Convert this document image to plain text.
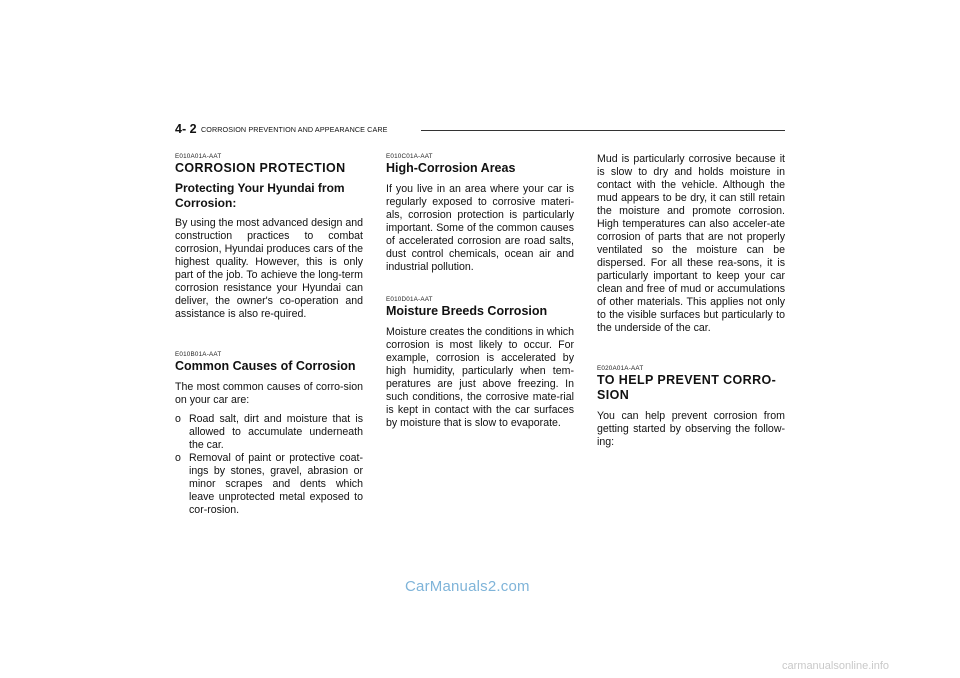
4- 2 CORROSION PREVENTION AND APPEARANCE CARE
E010A01A-AAT
CORROSION PROTECTION
Protecting Your Hyundai from Corrosion:

By using the most advanced design and construction practices to combat corrosion, Hyundai produces cars of the highest quality. However, this is only part of the job. To achieve the long-term corrosion resistance your Hyundai can deliver, the owner's co-operation and assistance is also re-quired.

E010B01A-AAT
Common Causes of Corrosion

The most common causes of corro-sion on your car are:

o Road salt, dirt and moisture that is allowed to accumulate underneath the car.
o Removal of paint or protective coat-ings by stones, gravel, abrasion or minor scrapes and dents which leave unprotected metal exposed to cor-rosion.
E010C01A-AAT
High-Corrosion Areas

If you live in an area where your car is regularly exposed to corrosive materi-als, corrosion protection is particularly important. Some of the common causes of accelerated corrosion are road salts, dust control chemicals, ocean air and industrial pollution.

E010D01A-AAT
Moisture Breeds Corrosion

Moisture creates the conditions in which corrosion is most likely to occur. For example, corrosion is accelerated by high humidity, particularly when tem-peratures are just above freezing. In such conditions, the corrosive mate-rial is kept in contact with the car surfaces by moisture that is slow to evaporate.

Mud is particularly corrosive because it is slow to dry and holds moisture in contact with the vehicle. Although the mud appears to be dry, it can still retain the moisture and promote corrosion. High temperatures can also acceler-ate corrosion of parts that are not properly ventilated so the moisture can be dispersed. For all these rea-sons, it is particularly important to keep your car clean and free of mud or accumulations of other materials. This applies not only to the visible surfaces but particularly to the underside of the car.

E020A01A-AAT
TO HELP PREVENT CORRO-SION

You can help prevent corrosion from getting started by observing the follow-ing:

CarManuals2.com
carmanualsonline.info
